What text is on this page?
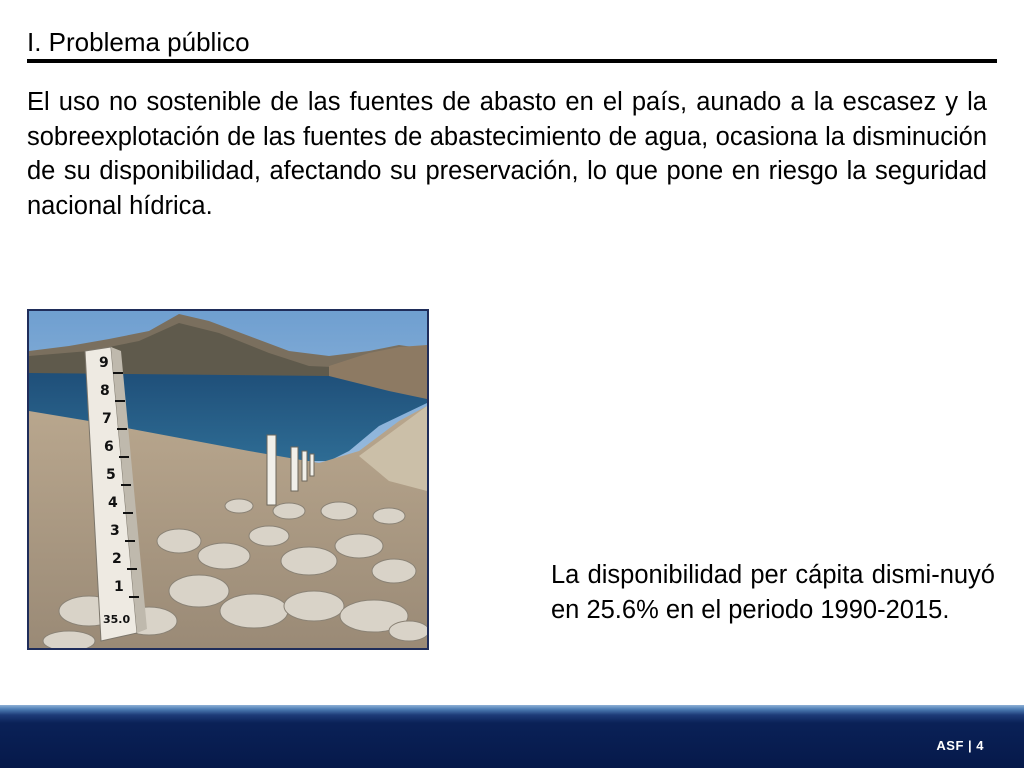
I. Problema público
El uso no sostenible de las fuentes de abasto en el país, aunado a la escasez y la sobreexplotación de las fuentes de abastecimiento de agua, ocasiona la disminución de su disponibilidad, afectando su preservación, lo que pone en riesgo la seguridad nacional hídrica.
9
8
7
6
5
4
3
2
1
35.0
La disponibilidad per cápita dismi-nuyó en 25.6% en el periodo 1990-2015.
ASF | 4
